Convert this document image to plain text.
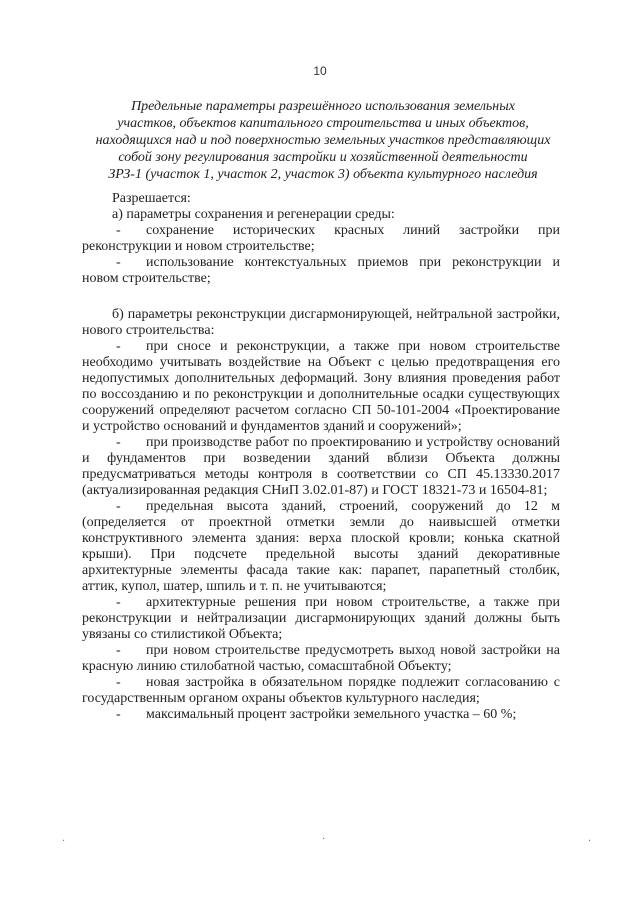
10
Предельные параметры разрешённого использования земельных
участков, объектов капитального строительства и иных объектов,
находящихся над и под поверхностью земельных участков представляющих
собой зону регулирования застройки и хозяйственной деятельности
ЗРЗ-1 (участок 1, участок 2, участок 3) объекта культурного наследия

Разрешается:

а) параметры сохранения и регенерации среды:

- сохранение исторических красных линий застройки при реконструкции и новом строительстве;

- использование контекстуальных приемов при реконструкции и новом строительстве;

б) параметры реконструкции дисгармонирующей, нейтральной застройки, нового строительства:

- при сносе и реконструкции, а также при новом строительстве необходимо учитывать воздействие на Объект с целью предотвращения его недопустимых дополнительных деформаций. Зону влияния проведения работ по воссозданию и по реконструкции и дополнительные осадки существующих сооружений определяют расчетом согласно СП 50-101-2004 «Проектирование и устройство оснований и фундаментов зданий и сооружений»;

- при производстве работ по проектированию и устройству оснований и фундаментов при возведении зданий вблизи Объекта должны предусматриваться методы контроля в соответствии со СП 45.13330.2017 (актуализированная редакция СНиП 3.02.01-87) и ГОСТ 18321-73 и 16504-81;

- предельная высота зданий, строений, сооружений до 12 м (определяется от проектной отметки земли до наивысшей отметки конструктивного элемента здания: верха плоской кровли; конька скатной крыши). При подсчете предельной высоты зданий декоративные архитектурные элементы фасада такие как: парапет, парапетный столбик, аттик, купол, шатер, шпиль и т. п. не учитываются;

- архитектурные решения при новом строительстве, а также при реконструкции и нейтрализации дисгармонирующих зданий должны быть увязаны со стилистикой Объекта;

- при новом строительстве предусмотреть выход новой застройки на красную линию стилобатной частью, сомасштабной Объекту;

- новая застройка в обязательном порядке подлежит согласованию с государственным органом охраны объектов культурного наследия;

- максимальный процент застройки земельного участка – 60 %;

·	·	·
